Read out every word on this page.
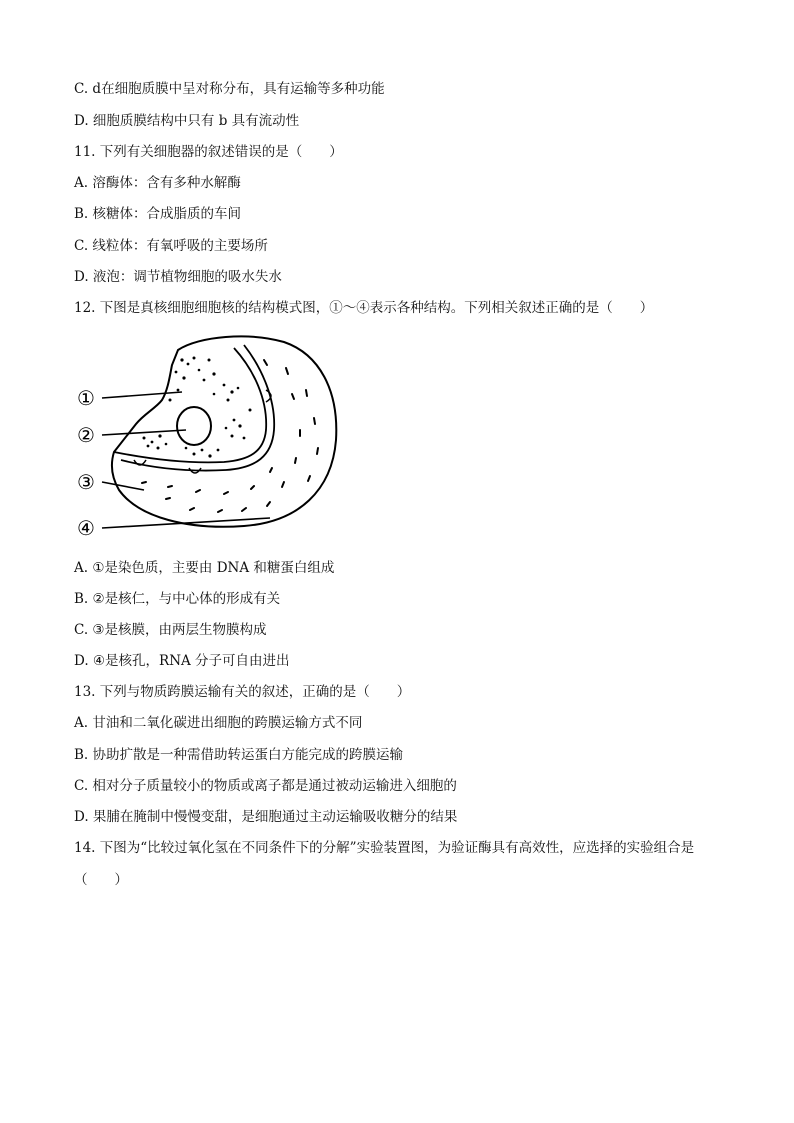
C. d在细胞质膜中呈对称分布，具有运输等多种功能
D. 细胞质膜结构中只有 b 具有流动性
11. 下列有关细胞器的叙述错误的是（　　）
A. 溶酶体：含有多种水解酶
B. 核糖体：合成脂质的车间
C. 线粒体：有氧呼吸的主要场所
D. 液泡：调节植物细胞的吸水失水
12. 下图是真核细胞细胞核的结构模式图，①～④表示各种结构。下列相关叙述正确的是（　　）
①
②
③
④
A. ①是染色质，主要由 DNA 和糖蛋白组成
B. ②是核仁，与中心体的形成有关
C. ③是核膜，由两层生物膜构成
D. ④是核孔，RNA 分子可自由进出
13. 下列与物质跨膜运输有关的叙述，正确的是（　　）
A. 甘油和二氧化碳进出细胞的跨膜运输方式不同
B. 协助扩散是一种需借助转运蛋白方能完成的跨膜运输
C. 相对分子质量较小的物质或离子都是通过被动运输进入细胞的
D. 果脯在腌制中慢慢变甜，是细胞通过主动运输吸收糖分的结果
14. 下图为“比较过氧化氢在不同条件下的分解”实验装置图，为验证酶具有高效性，应选择的实验组合是
（　　）
